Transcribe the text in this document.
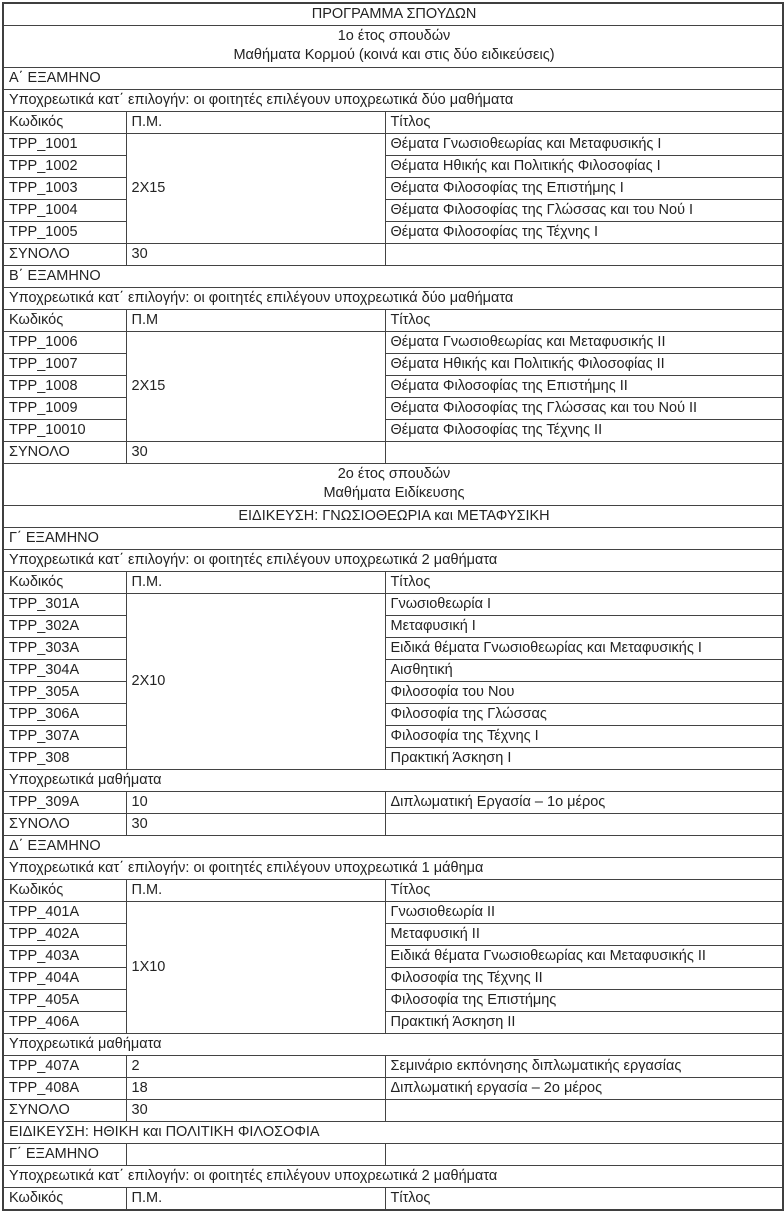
ΠΡΟΓΡΑΜΜΑ ΣΠΟΥΔΩΝ		

1ο έτος σπουδών
Μαθήματα Κορμού (κοινά και στις δύο ειδικεύσεις)		

Α΄ ΕΞΑΜΗΝΟ		
Υποχρεωτικά κατ΄ επιλογήν: οι φοιτητές επιλέγουν υποχρεωτικά δύο μαθήματα		
Κωδικός	Π.Μ.	Τίτλος
TPP_1001	2X15	Θέματα Γνωσιοθεωρίας και Μεταφυσικής I
TPP_1002		Θέματα Ηθικής και Πολιτικής Φιλοσοφίας I
TPP_1003		Θέματα Φιλοσοφίας της Επιστήμης I
TPP_1004		Θέματα Φιλοσοφίας της Γλώσσας και του Νού I
TPP_1005		Θέματα Φιλοσοφίας της Τέχνης I
ΣΥΝΟΛΟ	30	
Β΄ ΕΞΑΜΗΝΟ		
Υποχρεωτικά κατ΄ επιλογήν: οι φοιτητές επιλέγουν υποχρεωτικά δύο μαθήματα		
Κωδικός	Π.Μ	Τίτλος
TPP_1006	2X15	Θέματα Γνωσιοθεωρίας και Μεταφυσικής II
TPP_1007		Θέματα Ηθικής και Πολιτικής Φιλοσοφίας II
TPP_1008		Θέματα Φιλοσοφίας της Επιστήμης II
TPP_1009		Θέματα Φιλοσοφίας της Γλώσσας και του Νού II
TPP_10010		Θέματα Φιλοσοφίας της Τέχνης II
ΣΥΝΟΛΟ	30	

2ο έτος σπουδών
Μαθήματα Ειδίκευσης		

ΕΙΔΙΚΕΥΣΗ: ΓΝΩΣΙΟΘΕΩΡΙΑ και ΜΕΤΑΦΥΣΙΚΗ		
Γ΄ ΕΞΑΜΗΝΟ		
Υποχρεωτικά κατ΄ επιλογήν: οι φοιτητές επιλέγουν υποχρεωτικά 2 μαθήματα		
Κωδικός	Π.Μ.	Τίτλος
TPP_301A	2X10	Γνωσιοθεωρία I
TPP_302A		Μεταφυσική I
TPP_303A		Ειδικά θέματα Γνωσιοθεωρίας και Μεταφυσικής I
TPP_304A		Αισθητική
TPP_305A		Φιλοσοφία του Νου
TPP_306A		Φιλοσοφία της Γλώσσας
TPP_307A		Φιλοσοφία της Τέχνης I
TPP_308		Πρακτική Άσκηση I
Υποχρεωτικά μαθήματα		
TPP_309A	10	Διπλωματική Εργασία – 1ο μέρος
ΣΥΝΟΛΟ	30	
Δ΄ ΕΞΑΜΗΝΟ		
Υποχρεωτικά κατ΄ επιλογήν: οι φοιτητές επιλέγουν υποχρεωτικά 1 μάθημα		
Κωδικός	Π.Μ.	Τίτλος
TPP_401A	1X10	Γνωσιοθεωρία II
TPP_402A		Μεταφυσική II
TPP_403A		Ειδικά θέματα Γνωσιοθεωρίας και Μεταφυσικής II
TPP_404A		Φιλοσοφία της Τέχνης II
TPP_405A		Φιλοσοφία της Επιστήμης
TPP_406A		Πρακτική Άσκηση II
Υποχρεωτικά μαθήματα		
TPP_407A	2	Σεμινάριο εκπόνησης διπλωματικής εργασίας
TPP_408A	18	Διπλωματική εργασία – 2ο μέρος
ΣΥΝΟΛΟ	30	
ΕΙΔΙΚΕΥΣΗ: ΗΘΙΚΗ και ΠΟΛΙΤΙΚΗ ΦΙΛΟΣΟΦΙΑ		
Γ΄ ΕΞΑΜΗΝΟ		
Υποχρεωτικά κατ΄ επιλογήν: οι φοιτητές επιλέγουν υποχρεωτικά 2 μαθήματα		
Κωδικός	Π.Μ.	Τίτλος
